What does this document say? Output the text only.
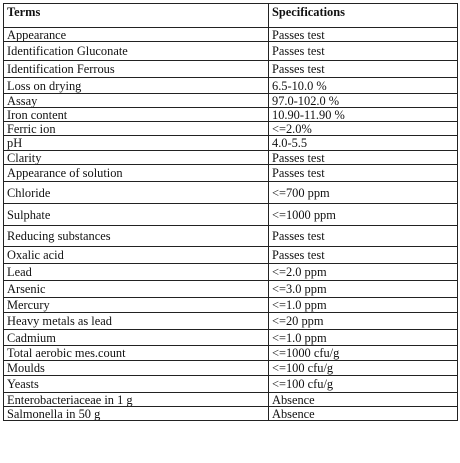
Terms	Specifications
Appearance	Passes test
Identification Gluconate	Passes test
Identification Ferrous	Passes test
Loss on drying	6.5-10.0 %
Assay	97.0-102.0 %
Iron content	10.90-11.90 %
Ferric ion	<=2.0%
pH	4.0-5.5
Clarity	Passes test
Appearance of solution	Passes test
Chloride	<=700 ppm
Sulphate	<=1000 ppm
Reducing substances	Passes test
Oxalic acid	Passes test
Lead	<=2.0 ppm
Arsenic	<=3.0 ppm
Mercury	<=1.0 ppm
Heavy metals as lead	<=20 ppm
Cadmium	<=1.0 ppm
Total aerobic mes.count	<=1000 cfu/g
Moulds	<=100 cfu/g
Yeasts	<=100 cfu/g
Enterobacteriaceae in 1 g	Absence
Salmonella in 50 g	Absence
